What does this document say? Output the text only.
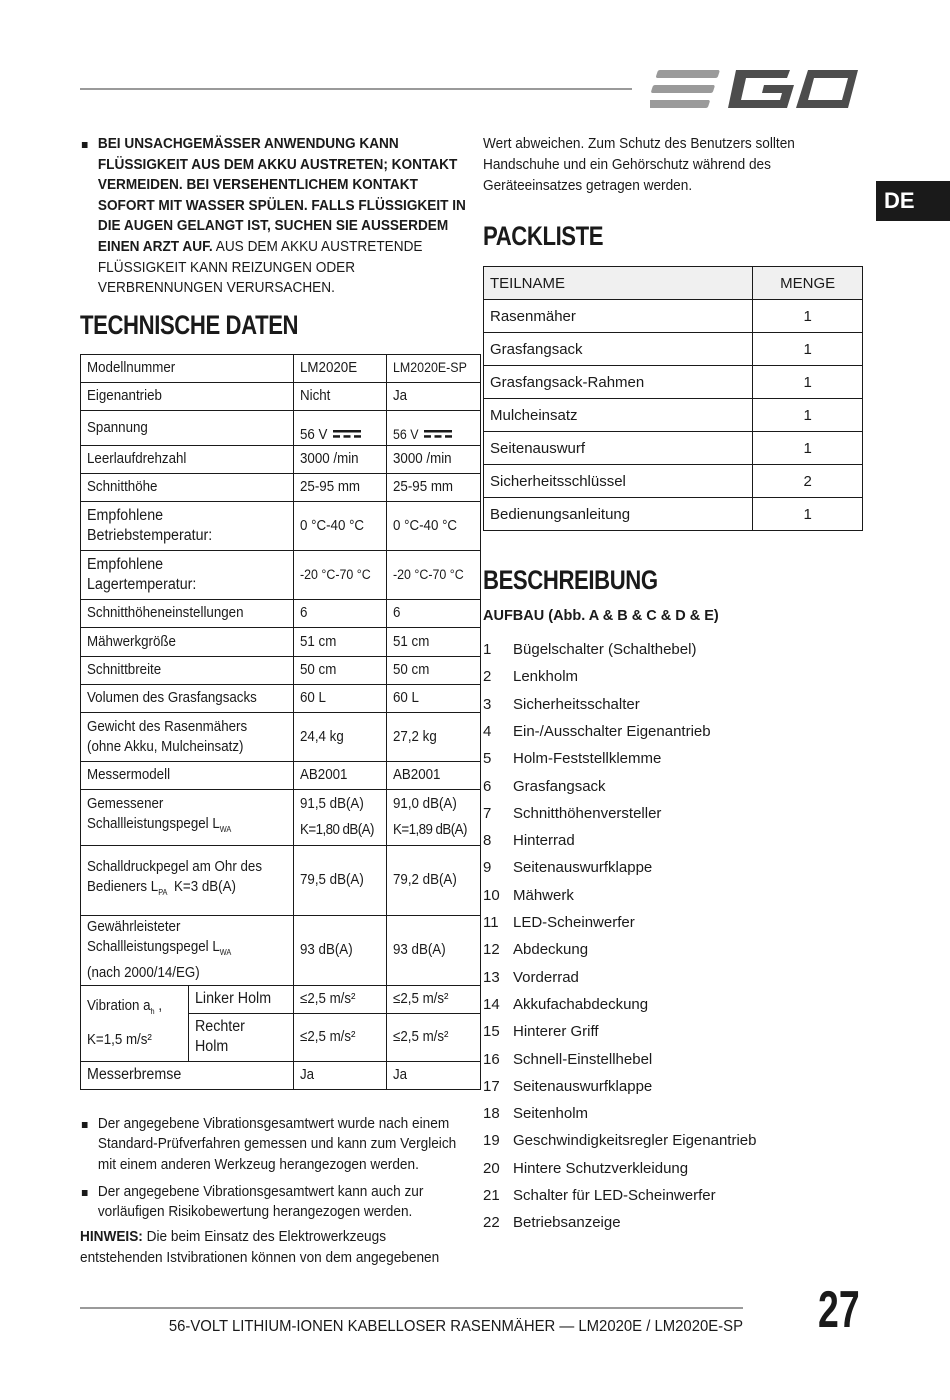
DE
BEI UNSACHGEMÄSSER ANWENDUNG KANN FLÜSSIGKEIT AUS DEM AKKU AUSTRETEN; KONTAKT VERMEIDEN. BEI VERSEHENTLICHEM KONTAKT SOFORT MIT WASSER SPÜLEN. FALLS FLÜSSIGKEIT IN DIE AUGEN GELANGT IST, SUCHEN SIE AUSSERDEM EINEN ARZT AUF. AUS DEM AKKU AUSTRETENDE FLÜSSIGKEIT KANN REIZUNGEN ODER VERBRENNUNGEN VERURSACHEN.
TECHNISCHE DATEN
Modellnummer		LM2020E	LM2020E-SP
Eigenantrieb		Nicht	Ja
Spannung		56 V	56 V
Leerlaufdrehzahl		3000 /min	3000 /min
Schnitthöhe		25-95 mm	25-95 mm
Empfohlene Betriebstemperatur:		0 °C-40 °C	0 °C-40 °C
Empfohlene Lagertemperatur:		-20 °C-70 °C	-20 °C-70 °C
Schnitthöheneinstellungen		6	6
Mähwerkgröße		51 cm	51 cm
Schnittbreite		50 cm	50 cm
Volumen des Grasfangsacks		60 L	60 L
Gewicht des Rasenmähers (ohne Akku, Mulcheinsatz)		24,4 kg	27,2 kg
Messermodell		AB2001	AB2001
Gemessener Schallleistungspegel $L_{WA}$		91,5 dB(A)K=1,80 dB(A)	91,0 dB(A)K=1,89 dB(A)
Schalldruckpegel am Ohr desBedieners $L_{PA}$ K=3 dB(A)		79,5 dB(A)	79,2 dB(A)
GewährleisteterSchallleistungspegel $L_{WA}(nach$ 2000/14/EG)		93 dB(A)	93 dB(A)
Vibration $a_h$ ,K=1,5 m/s²	Linker Holm	≤2,5 m/s²	≤2,5 m/s²
	Rechter Holm	≤2,5 m/s²	≤2,5 m/s²
Messerbremse		Ja	Ja
Der angegebene Vibrationsgesamtwert wurde nach einem Standard-Prüfverfahren gemessen und kann zum Vergleich mit einem anderen Werkzeug herangezogen werden.
Der angegebene Vibrationsgesamtwert kann auch zur vorläufigen Risikobewertung herangezogen werden.
HINWEIS: Die beim Einsatz des Elektrowerkzeugs entstehenden Istvibrationen können von dem angegebenen
Wert abweichen. Zum Schutz des Benutzers sollten Handschuhe und ein Gehörschutz während des Geräteeinsatzes getragen werden.
PACKLISTE
TEILNAME	MENGE
Rasenmäher	1
Grasfangsack	1
Grasfangsack-Rahmen	1
Mulcheinsatz	1
Seitenauswurf	1
Sicherheitsschlüssel	2
Bedienungsanleitung	1
BESCHREIBUNG
AUFBAU (Abb. A & B & C & D & E)
1 Bügelschalter (Schalthebel)
2 Lenkholm
3 Sicherheitsschalter
4 Ein-/Ausschalter Eigenantrieb
5 Holm-Feststellklemme
6 Grasfangsack
7 Schnitthöhenversteller
8 Hinterrad
9 Seitenauswurfklappe
10 Mähwerk
11 LED-Scheinwerfer
12 Abdeckung
13 Vorderrad
14 Akkufachabdeckung
15 Hinterer Griff
16 Schnell-Einstellhebel
17 Seitenauswurfklappe
18 Seitenholm
19 Geschwindigkeitsregler Eigenantrieb
20 Hintere Schutzverkleidung
21 Schalter für LED-Scheinwerfer
22 Betriebsanzeige
56-VOLT LITHIUM-IONEN KABELLOSER RASENMÄHER — LM2020E / LM2020E-SP 27
